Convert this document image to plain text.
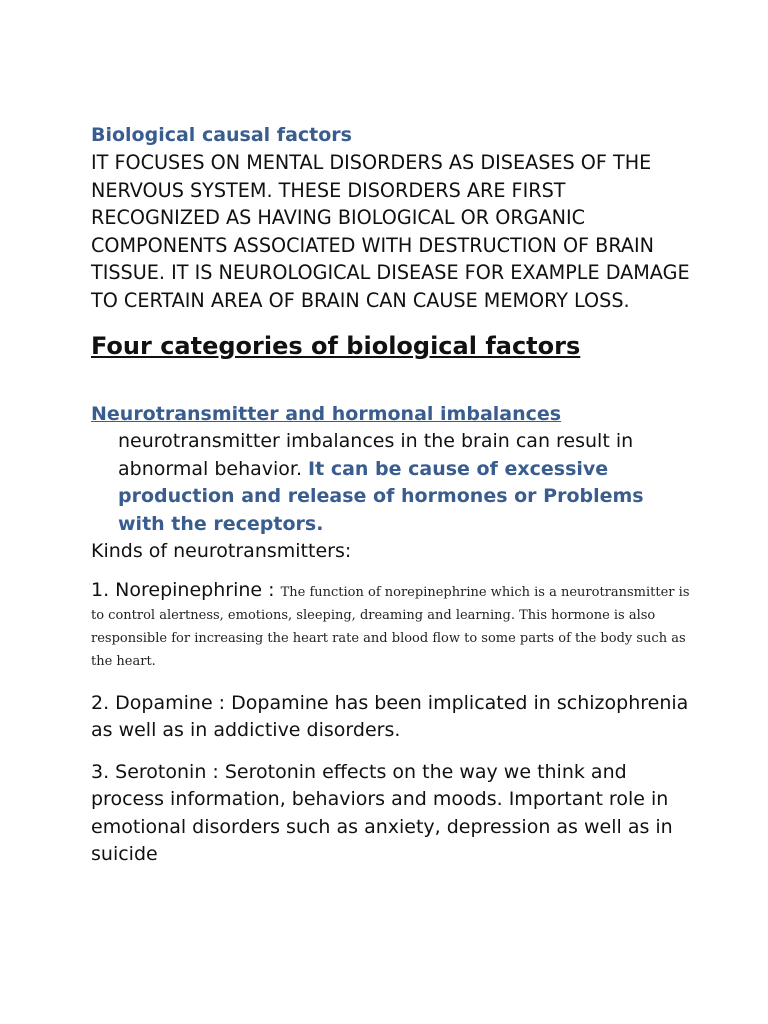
Biological causal factors

IT FOCUSES ON MENTAL DISORDERS AS DISEASES OF THE NERVOUS SYSTEM. THESE DISORDERS ARE FIRST RECOGNIZED AS HAVING BIOLOGICAL OR ORGANIC COMPONENTS ASSOCIATED WITH DESTRUCTION OF BRAIN TISSUE. IT IS NEUROLOGICAL DISEASE FOR EXAMPLE DAMAGE TO CERTAIN AREA OF BRAIN CAN CAUSE MEMORY LOSS.

Four categories of biological factors

Neurotransmitter and hormonal imbalances

neurotransmitter imbalances in the brain can result in abnormal behavior. It can be cause of excessive production and release of hormones or Problems with the receptors.

Kinds of neurotransmitters:

1. Norepinephrine : The function of norepinephrine which is a neurotransmitter is to control alertness, emotions, sleeping, dreaming and learning. This hormone is also responsible for increasing the heart rate and blood flow to some parts of the body such as the heart.

2. Dopamine : Dopamine has been implicated in schizophrenia as well as in addictive disorders.

3. Serotonin : Serotonin effects on the way we think and process information, behaviors and moods. Important role in emotional disorders such as anxiety, depression as well as in suicide
